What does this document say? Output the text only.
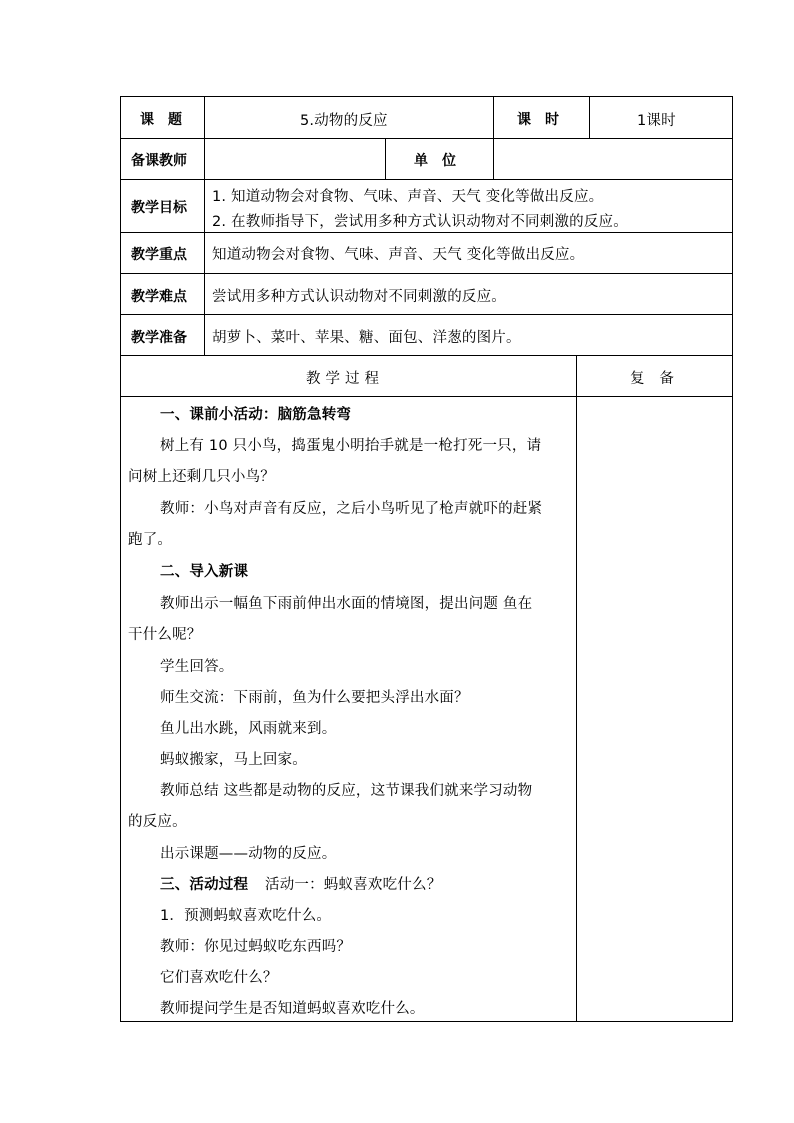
课　题	5.动物的反应	课　时	1课时
备课教师	单　位
教学目标
1. 知道动物会对食物、气味、声音、天气 变化等做出反应。
2. 在教师指导下，尝试用多种方式认识动物对不同刺激的反应。
教学重点 知道动物会对食物、气味、声音、天气 变化等做出反应。
教学难点 尝试用多种方式认识动物对不同刺激的反应。
教学准备 胡萝卜、菜叶、苹果、糖、面包、洋葱的图片。
教 学 过 程	复　备
一、课前小活动：脑筋急转弯
树上有 10 只小鸟，捣蛋鬼小明抬手就是一枪打死一只，请
问树上还剩几只小鸟？
教师：小鸟对声音有反应，之后小鸟听见了枪声就吓的赶紧
跑了。
二、导入新课
教师出示一幅鱼下雨前伸出水面的情境图，提出问题 鱼在
干什么呢？
学生回答。
师生交流：下雨前，鱼为什么要把头浮出水面？
鱼儿出水跳，风雨就来到。
蚂蚁搬家，马上回家。
教师总结 这些都是动物的反应，这节课我们就来学习动物
的反应。
出示课题——动物的反应。
三、活动过程 活动一：蚂蚁喜欢吃什么？
1．预测蚂蚁喜欢吃什么。
教师：你见过蚂蚁吃东西吗？
它们喜欢吃什么？
教师提问学生是否知道蚂蚁喜欢吃什么。
